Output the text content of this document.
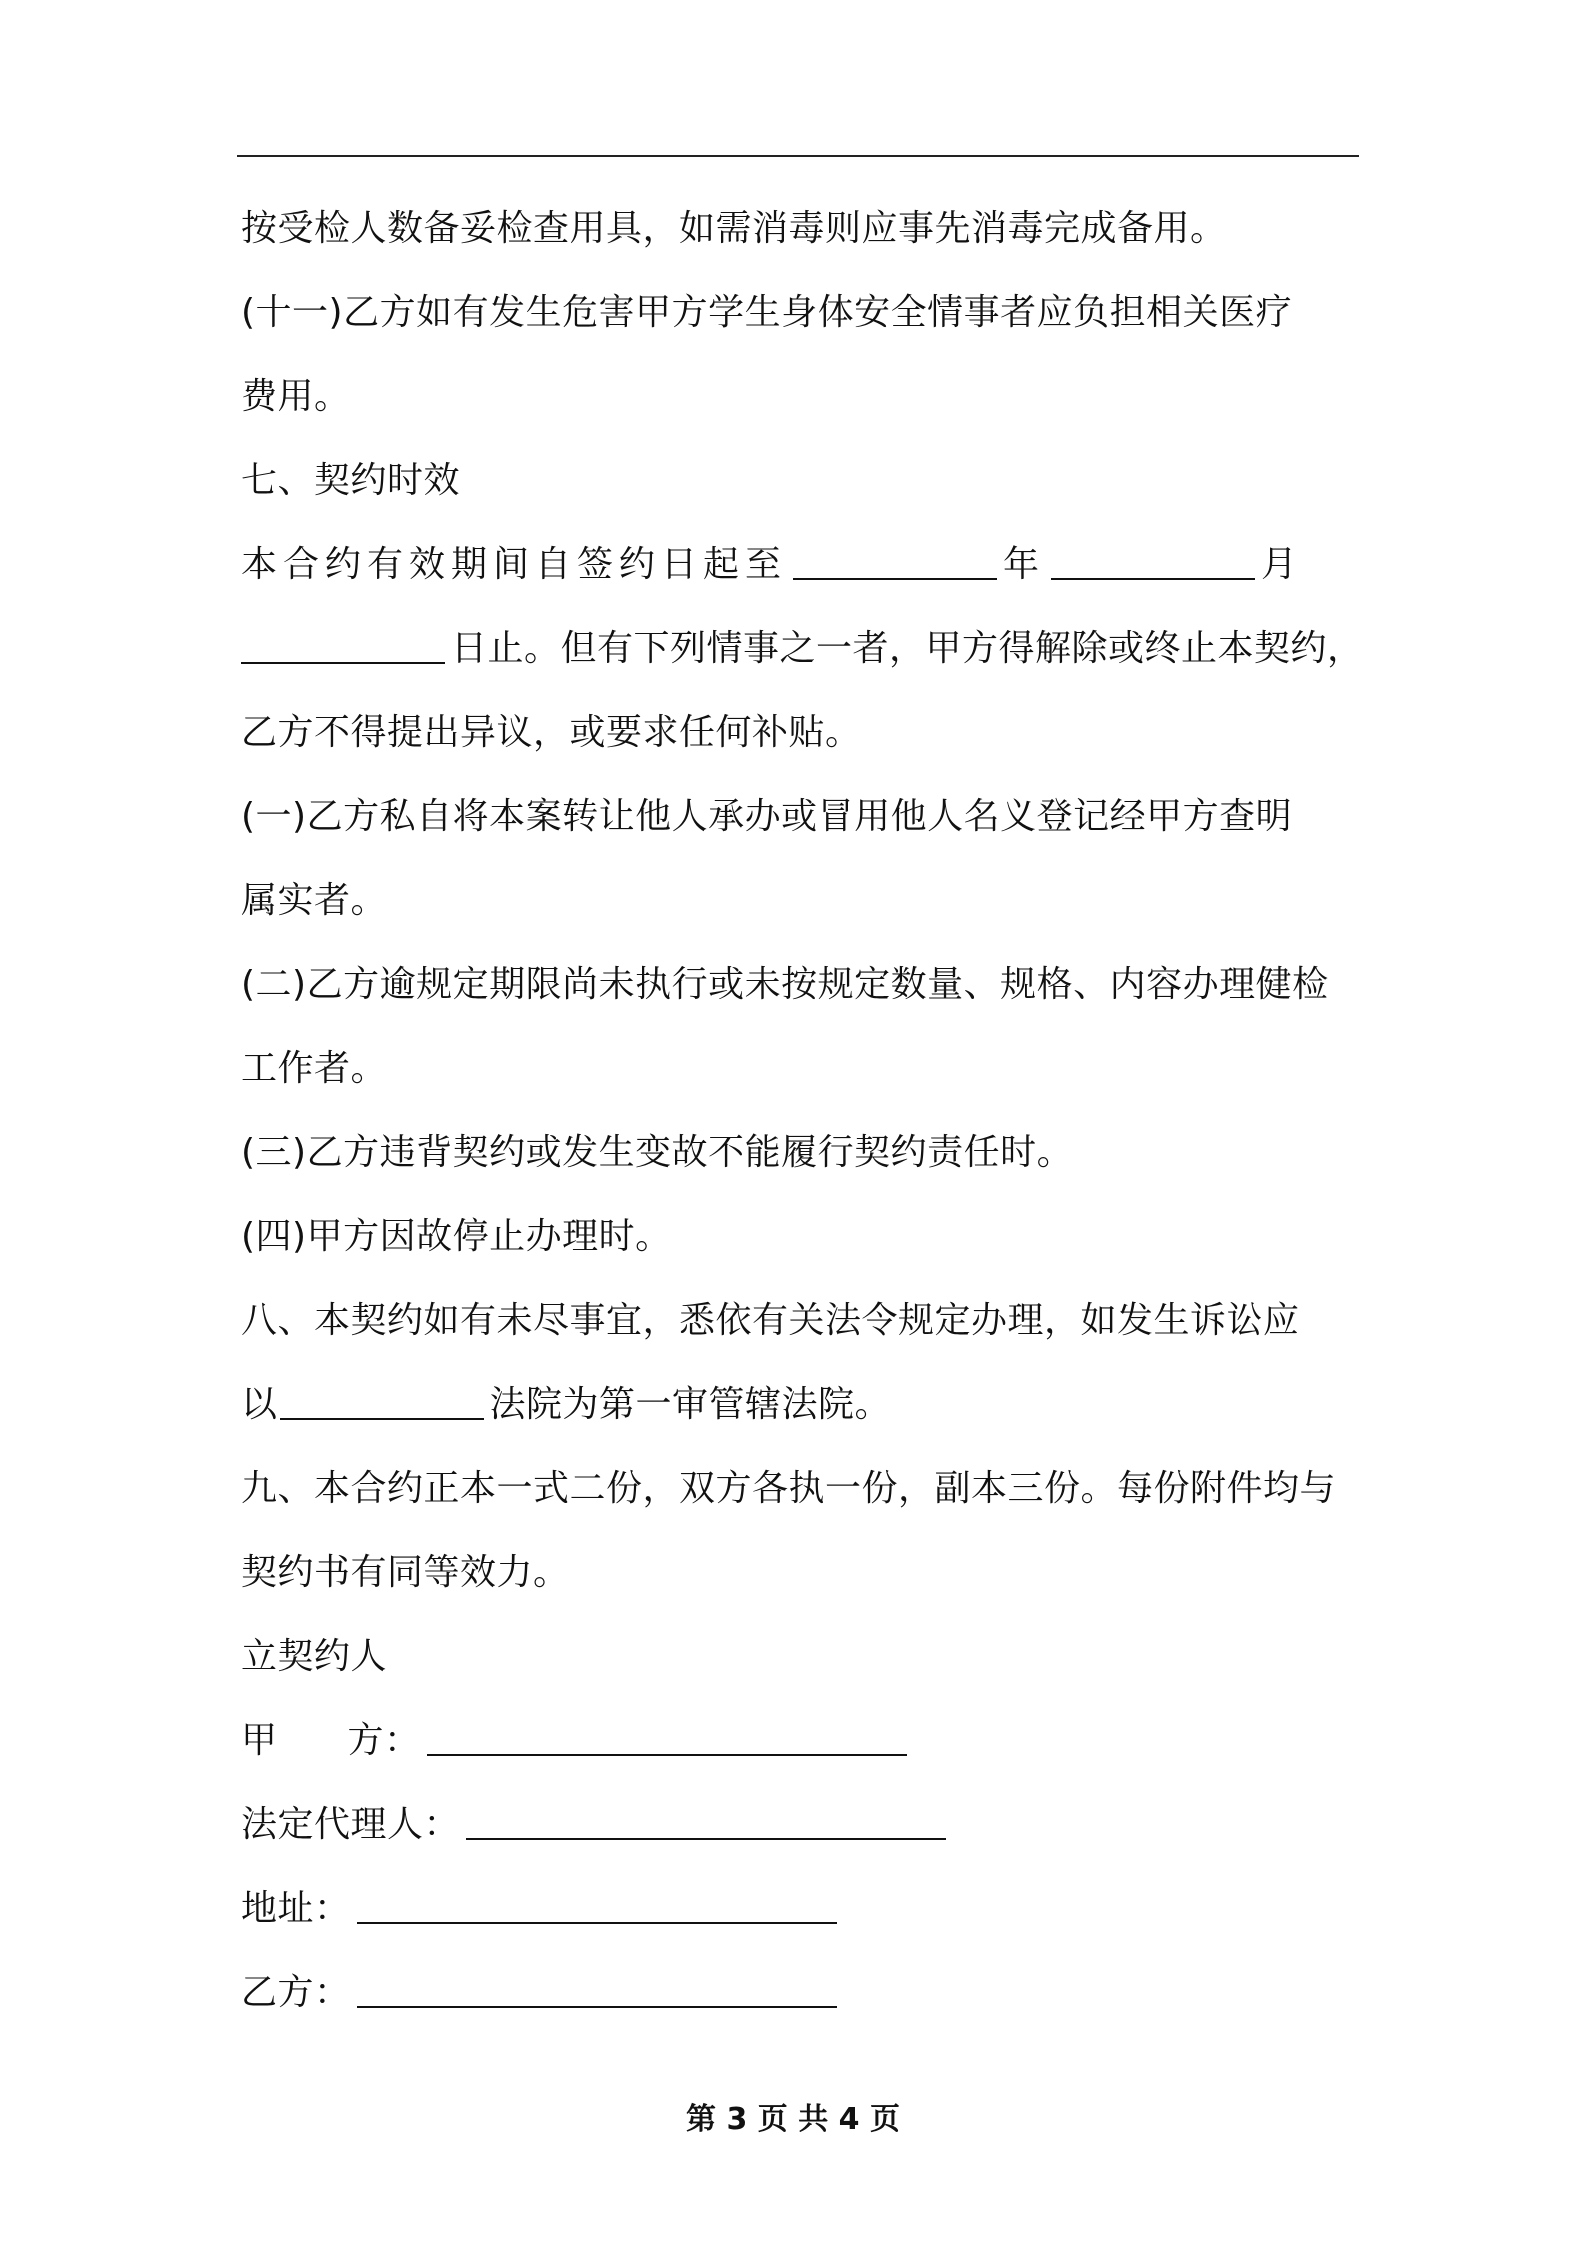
按受检人数备妥检查用具，如需消毒则应事先消毒完成备用。
(十一)乙方如有发生危害甲方学生身体安全情事者应负担相关医疗
费用。
七、契约时效
本合约有效期间自签约日起至	年	月
日止。但有下列情事之一者，甲方得解除或终止本契约，
乙方不得提出异议，或要求任何补贴。
(一)乙方私自将本案转让他人承办或冒用他人名义登记经甲方查明
属实者。
(二)乙方逾规定期限尚未执行或未按规定数量、规格、内容办理健检
工作者。
(三)乙方违背契约或发生变故不能履行契约责任时。
(四)甲方因故停止办理时。
八、本契约如有未尽事宜，悉依有关法令规定办理，如发生诉讼应
以	法院为第一审管辖法院。
九、本合约正本一式二份，双方各执一份，副本三份。每份附件均与
契约书有同等效力。
立契约人
甲 方：
法定代理人：
地址：
乙方：
第 3 页 共 4 页
